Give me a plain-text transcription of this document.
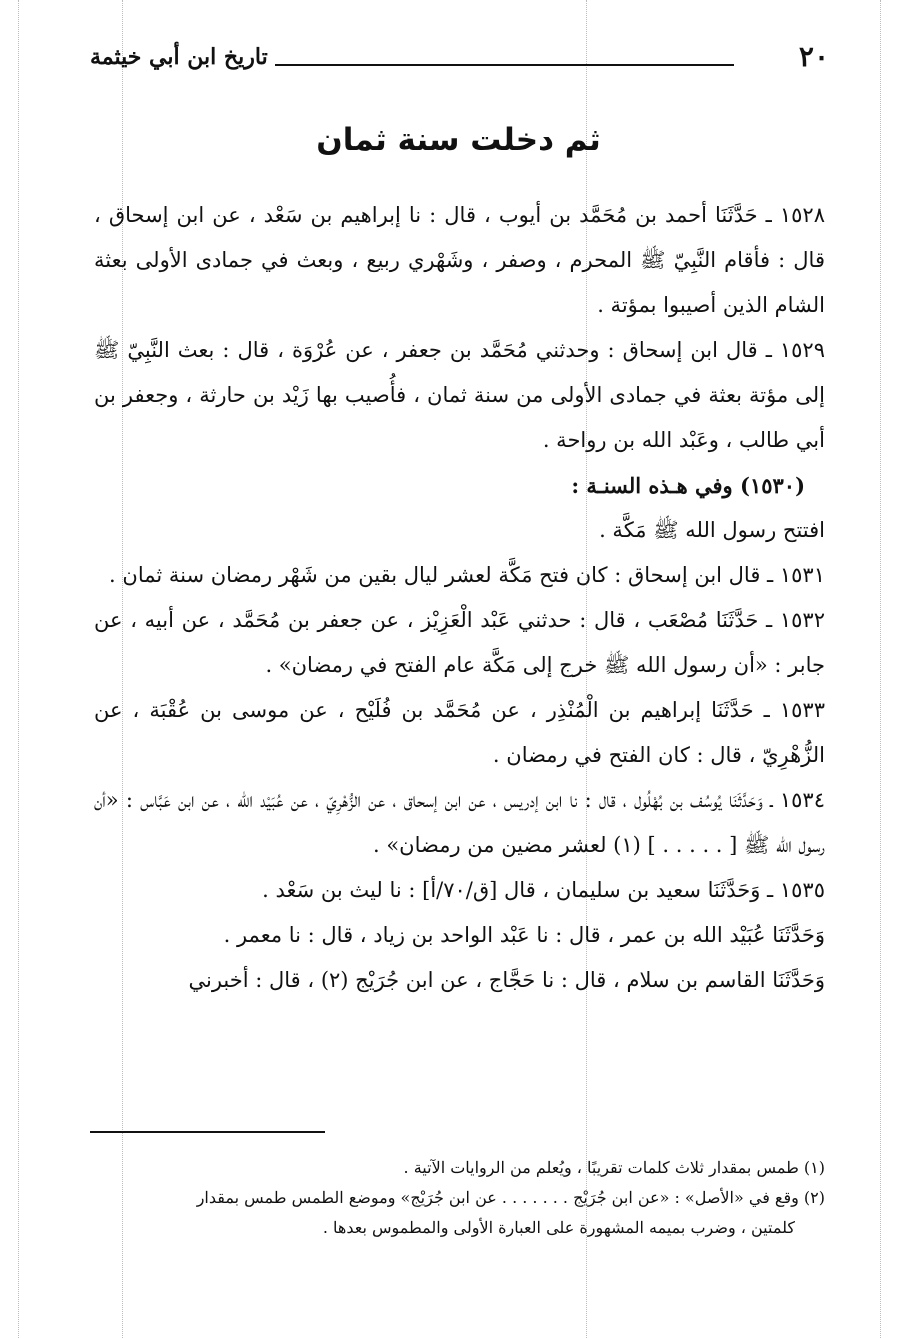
٢٠
تاريخ ابن أبي خيثمة
ثم دخلت سنة ثمان

١٥٢٨ ـ حَدَّثَنَا أحمد بن مُحَمَّد بن أيوب ، قال : نا إبراهيم بن سَعْد ، عن ابن إسحاق ، قال : فأقام النَّبِيّ ﷺ المحرم ، وصفر ، وشَهْري ربيع ، وبعث في جمادى الأولى بعثة الشام الذين أصيبوا بمؤتة .

١٥٢٩ ـ قال ابن إسحاق : وحدثني مُحَمَّد بن جعفر ، عن عُرْوَة ، قال : بعث النَّبِيّ ﷺ إلى مؤتة بعثة في جمادى الأولى من سنة ثمان ، فأُصيب بها زَيْد بن حارثة ، وجعفر بن أبي طالب ، وعَبْد الله بن رواحة .

(١٥٣٠) وفي هـذه السنـة :

افتتح رسول الله ﷺ مَكَّة .

١٥٣١ ـ قال ابن إسحاق : كان فتح مَكَّة لعشر ليال بقين من شَهْر رمضان سنة ثمان .

١٥٣٢ ـ حَدَّثَنَا مُصْعَب ، قال : حدثني عَبْد الْعَزِيْز ، عن جعفر بن مُحَمَّد ، عن أبيه ، عن جابر : «أن رسول الله ﷺ خرج إلى مَكَّة عام الفتح في رمضان» .

١٥٣٣ ـ حَدَّثَنَا إبراهيم بن الْمُنْذِر ، عن مُحَمَّد بن فُلَيْح ، عن موسى بن عُقْبَة ، عن الزُّهْرِيّ ، قال : كان الفتح في رمضان .

١٥٣٤ ـ وَحَدَّثَنَا يُوسُف بن بُهْلُول ، قال : نا ابن إدريس ، عن ابن إسحاق ، عن الزُّهْرِيّ ، عن عُبَيْد الله ، عن ابن عَبَّاس : «أن رسول الله ﷺ [ . . . . . ] (١) لعشر مضين من رمضان» .

١٥٣٥ ـ وَحَدَّثَنَا سعيد بن سليمان ، قال [ق/٧٠/أ] : نا ليث بن سَعْد .

وَحَدَّثَنَا عُبَيْد الله بن عمر ، قال : نا عَبْد الواحد بن زياد ، قال : نا معمر .

وَحَدَّثَنَا القاسم بن سلام ، قال : نا حَجَّاج ، عن ابن جُرَيْج (٢) ، قال : أخبرني

(١) طمس بمقدار ثلاث كلمات تقريبًا ، ويُعلم من الروايات الآتية .

(٢) وقع في «الأصل» : «عن ابن جُرَيْج . . . . . . . عن ابن جُرَيْج» وموضع الطمس طمس بمقدار

كلمتين ، وضرب بميمه المشهورة على العبارة الأولى والمطموس بعدها .
